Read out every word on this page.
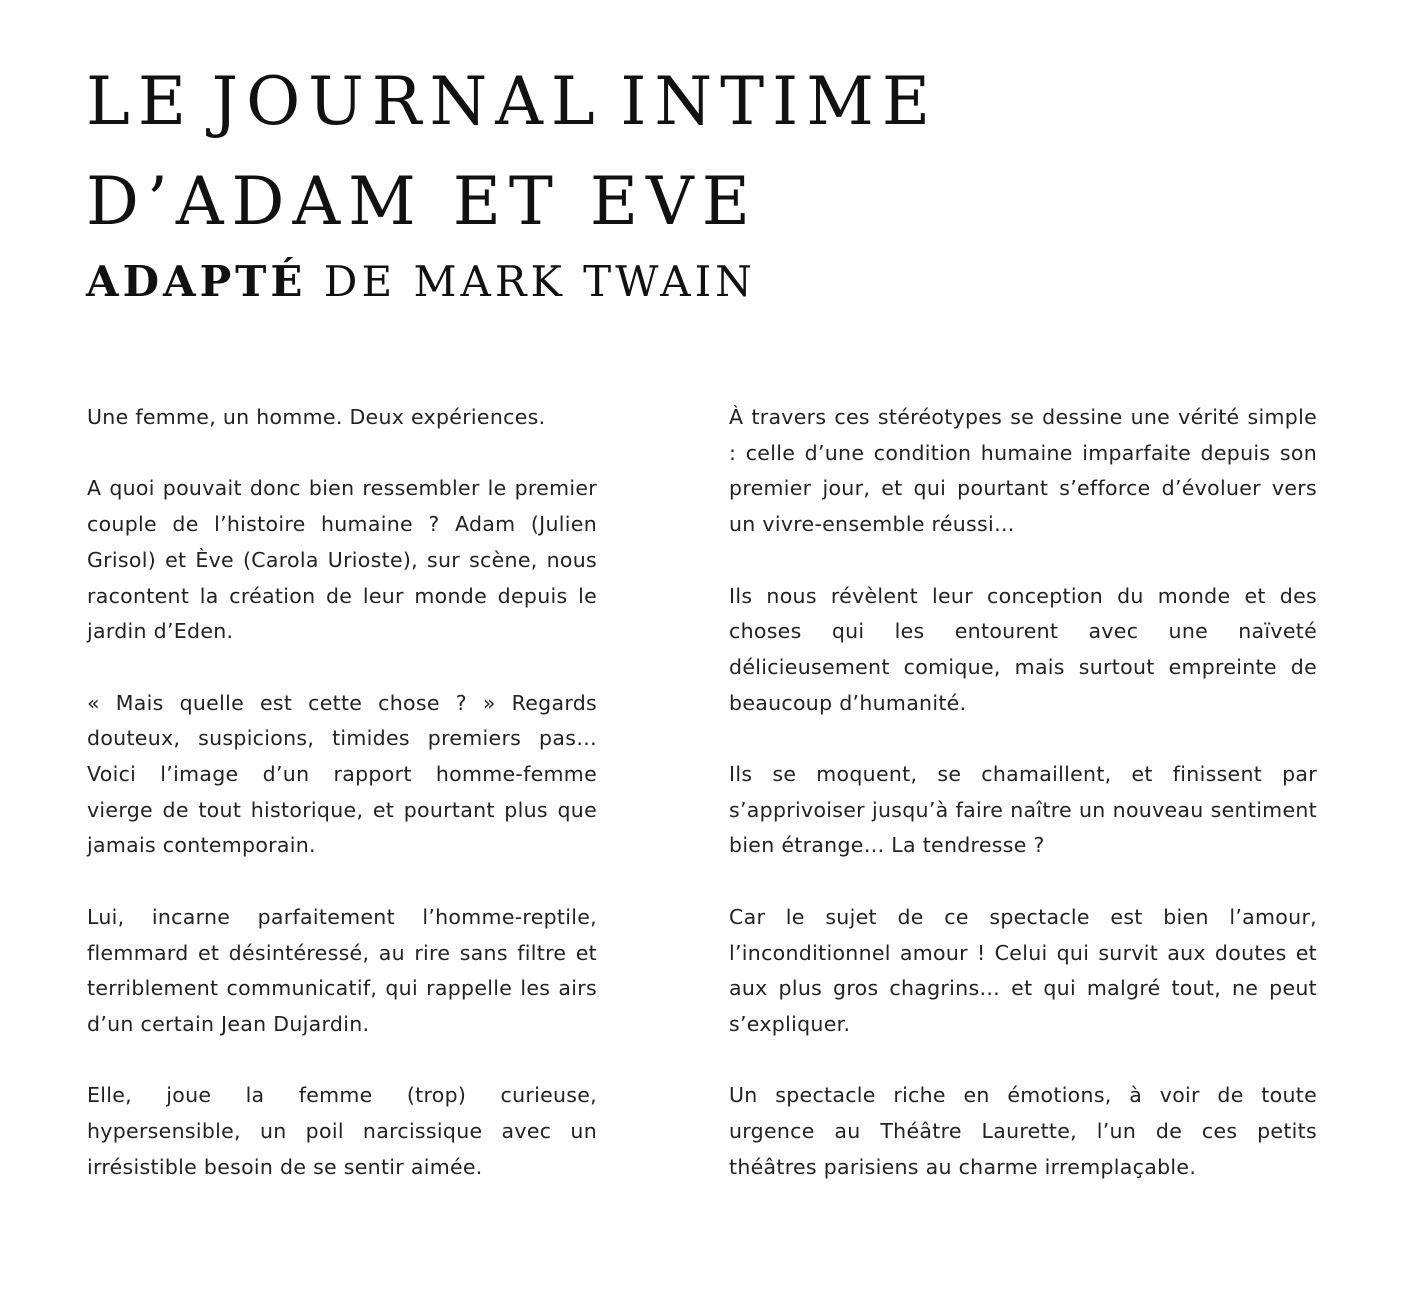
LE JOURNAL INTIME
D’ADAM ET EVE
ADAPTÉ DE MARK TWAIN

Une femme, un homme. Deux expériences.

A quoi pouvait donc bien ressembler le premier couple de l’histoire humaine ? Adam (Julien Grisol) et Ève (Carola Urioste), sur scène, nous racontent la création de leur monde depuis le jardin d’Eden.

« Mais quelle est cette chose ? » Regards douteux, suspicions, timides premiers pas… Voici l’image d’un rapport homme-femme vierge de tout historique, et pourtant plus que jamais contemporain.

Lui, incarne parfaitement l’homme-reptile, flemmard et désintéressé, au rire sans filtre et terriblement communicatif, qui rappelle les airs d’un certain Jean Dujardin.

Elle, joue la femme (trop) curieuse, hypersensible, un poil narcissique avec un irrésistible besoin de se sentir aimée.

À travers ces stéréotypes se dessine une vérité simple : celle d’une condition humaine imparfaite depuis son premier jour, et qui pourtant s’efforce d’évoluer vers un vivre-ensemble réussi…

Ils nous révèlent leur conception du monde et des choses qui les entourent avec une naïveté délicieusement comique, mais surtout empreinte de beaucoup d’humanité.

Ils se moquent, se chamaillent, et finissent par s’apprivoiser jusqu’à faire naître un nouveau sentiment bien étrange… La tendresse ?

Car le sujet de ce spectacle est bien l’amour, l’inconditionnel amour ! Celui qui survit aux doutes et aux plus gros chagrins… et qui malgré tout, ne peut s’expliquer.

Un spectacle riche en émotions, à voir de toute urgence au Théâtre Laurette, l’un de ces petits théâtres parisiens au charme irremplaçable.
